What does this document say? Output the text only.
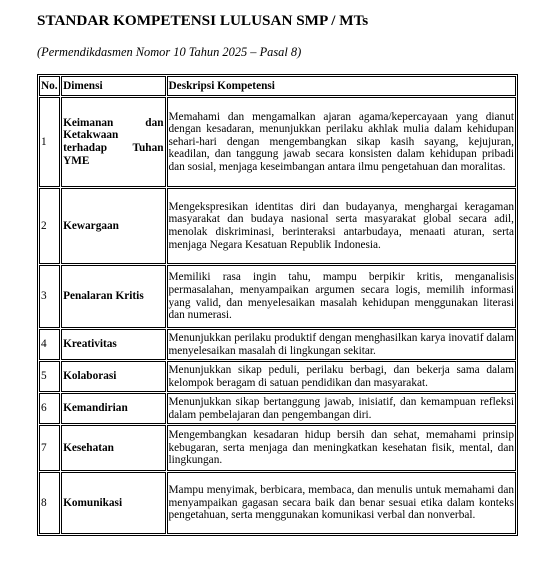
STANDAR KOMPETENSI LULUSAN SMP / MTs
(Permendikdasmen Nomor 10 Tahun 2025 – Pasal 8)
No.	Dimensi	Deskripsi Kompetensi
1	Keimanan dan Ketakwaan terhadap Tuhan YME	Memahami dan mengamalkan ajaran agama/kepercayaan yang dianut dengan kesadaran, menunjukkan perilaku akhlak mulia dalam kehidupan sehari-hari dengan mengembangkan sikap kasih sayang, kejujuran, keadilan, dan tanggung jawab secara konsisten dalam kehidupan pribadi dan sosial, menjaga keseimbangan antara ilmu pengetahuan dan moralitas.
2	Kewargaan	Mengekspresikan identitas diri dan budayanya, menghargai keragaman masyarakat dan budaya nasional serta masyarakat global secara adil, menolak diskriminasi, berinteraksi antarbudaya, menaati aturan, serta menjaga Negara Kesatuan Republik Indonesia.
3	Penalaran Kritis	Memiliki rasa ingin tahu, mampu berpikir kritis, menganalisis permasalahan, menyampaikan argumen secara logis, memilih informasi yang valid, dan menyelesaikan masalah kehidupan menggunakan literasi dan numerasi.
4	Kreativitas	Menunjukkan perilaku produktif dengan menghasilkan karya inovatif dalam menyelesaikan masalah di lingkungan sekitar.
5	Kolaborasi	Menunjukkan sikap peduli, perilaku berbagi, dan bekerja sama dalam kelompok beragam di satuan pendidikan dan masyarakat.
6	Kemandirian	Menunjukkan sikap bertanggung jawab, inisiatif, dan kemampuan refleksi dalam pembelajaran dan pengembangan diri.
7	Kesehatan	Mengembangkan kesadaran hidup bersih dan sehat, memahami prinsip kebugaran, serta menjaga dan meningkatkan kesehatan fisik, mental, dan lingkungan.
8	Komunikasi	Mampu menyimak, berbicara, membaca, dan menulis untuk memahami dan menyampaikan gagasan secara baik dan benar sesuai etika dalam konteks pengetahuan, serta menggunakan komunikasi verbal dan nonverbal.
